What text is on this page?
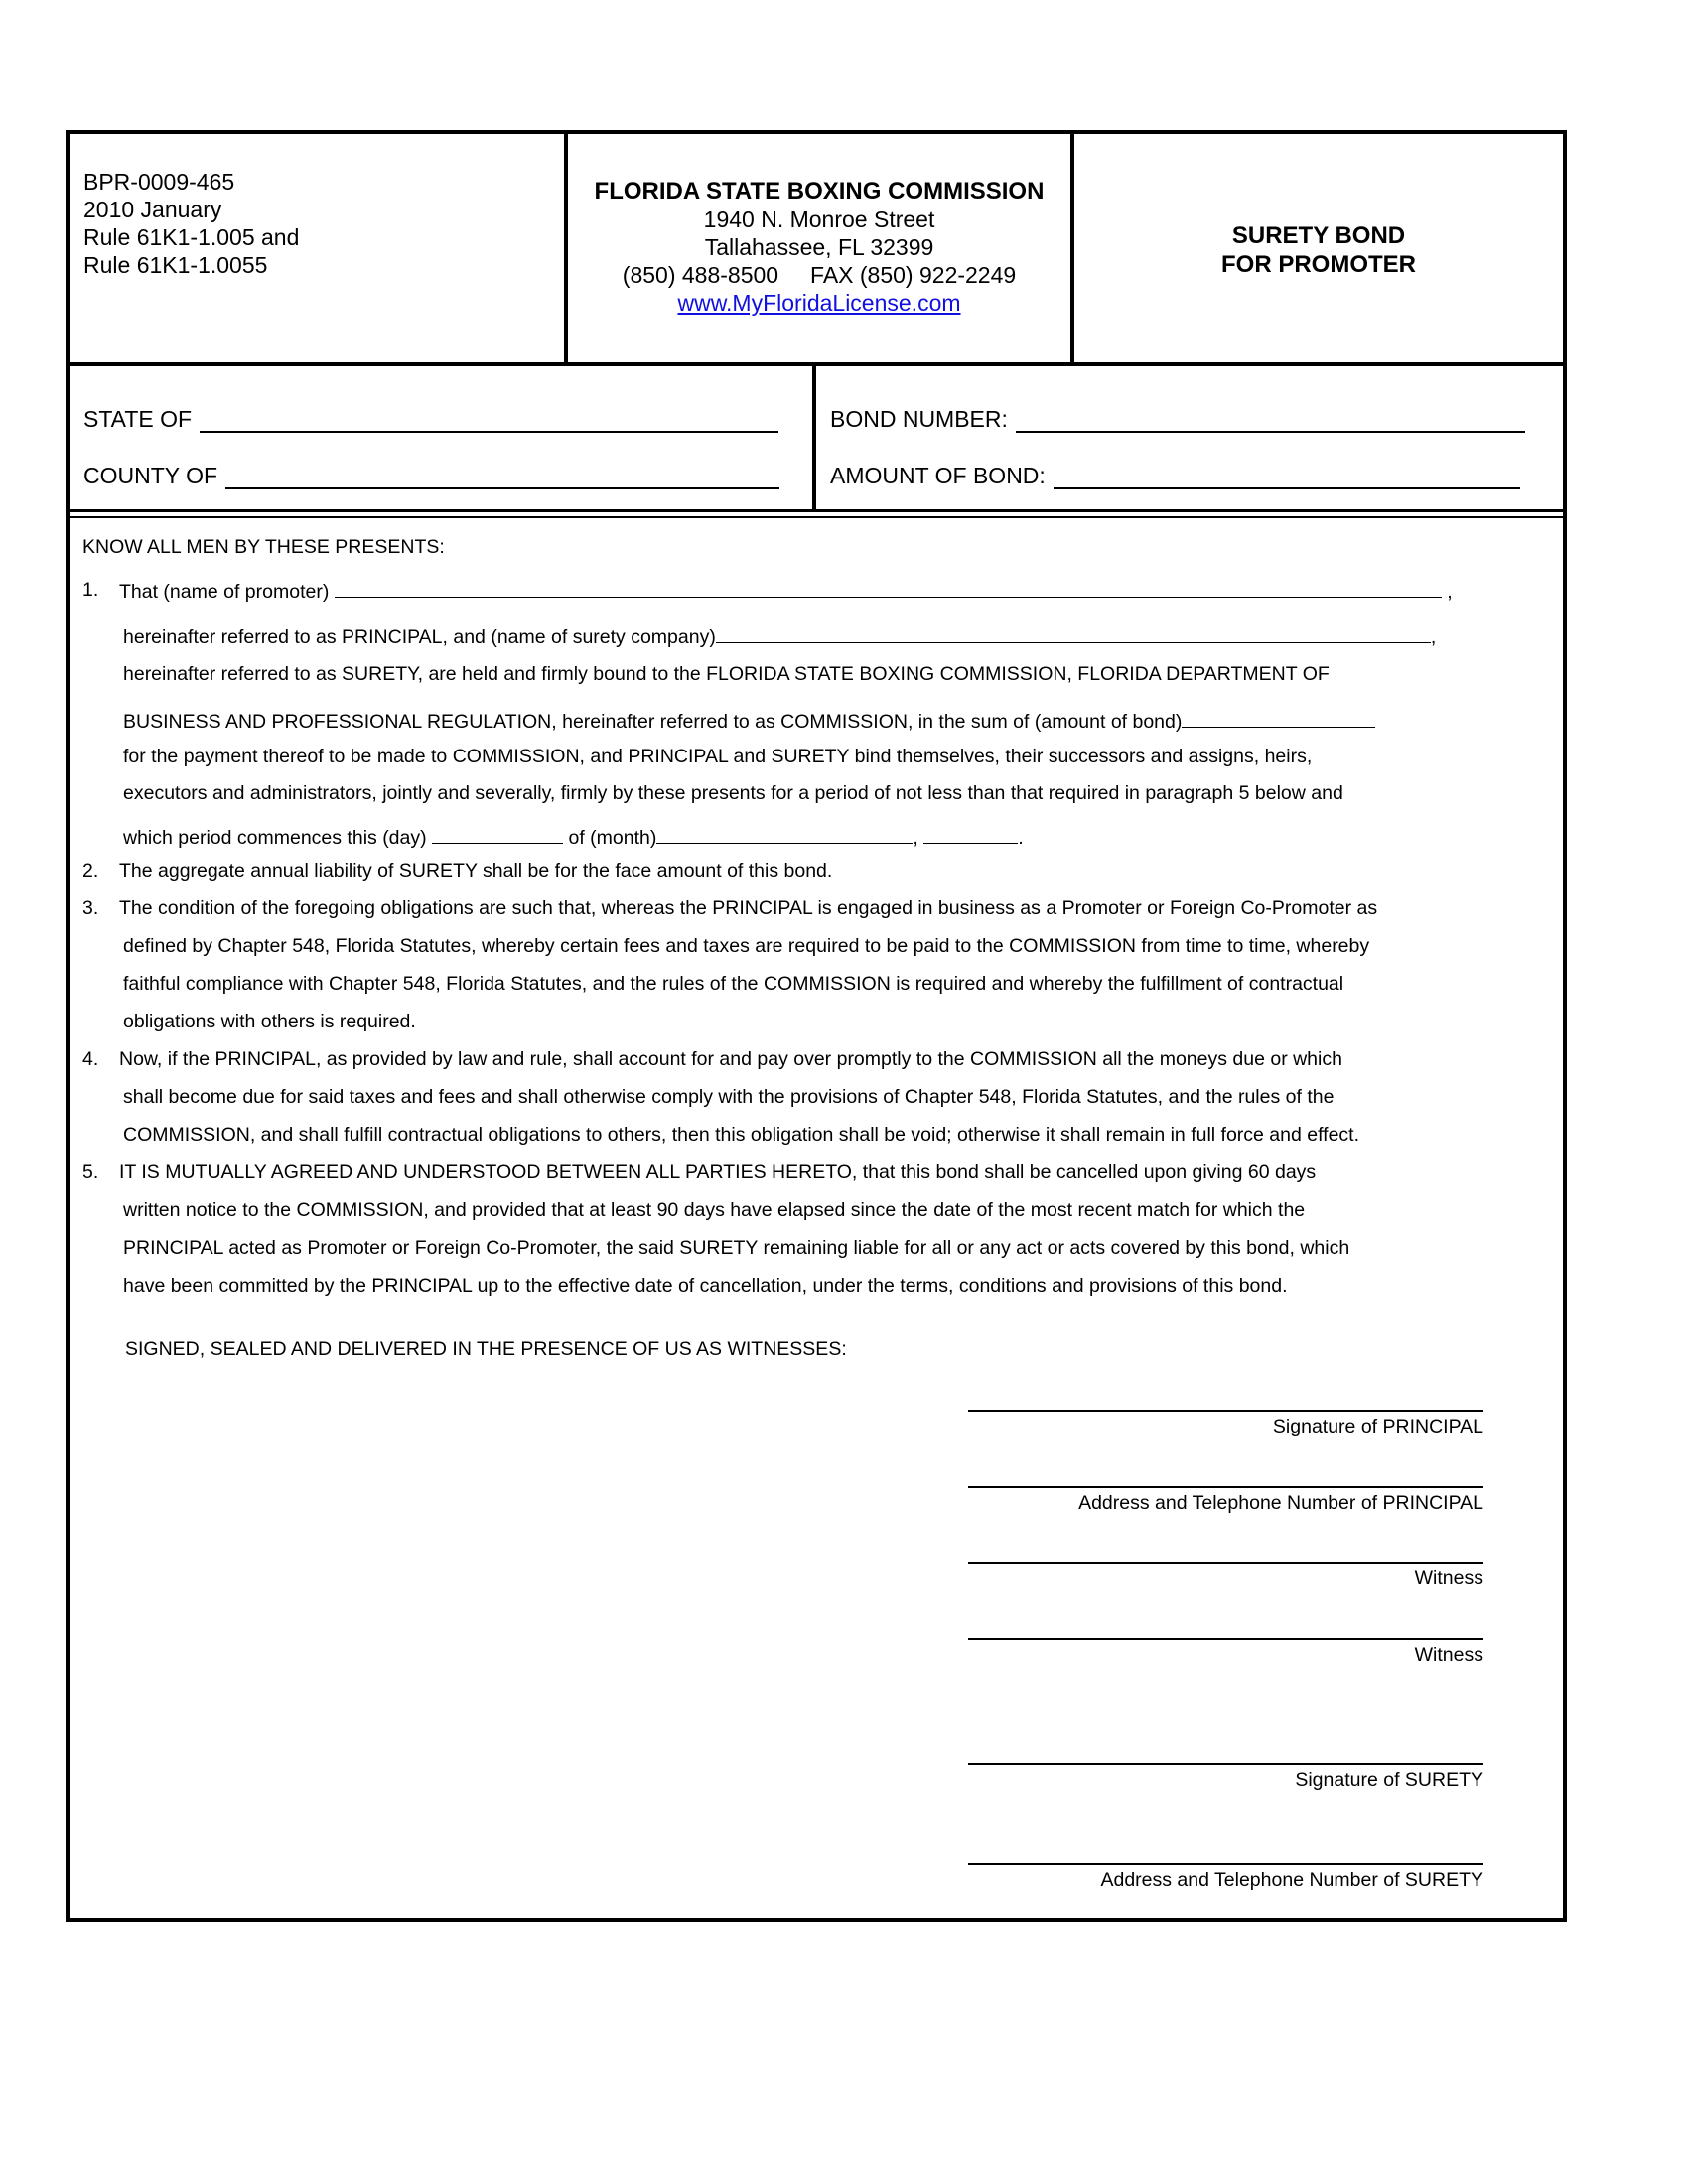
BPR-0009-465
2010 January
Rule 61K1-1.005 and
Rule 61K1-1.0055
FLORIDA STATE BOXING COMMISSION
1940 N. Monroe Street
Tallahassee, FL 32399
(850) 488-8500 FAX (850) 922-2249
www.MyFloridaLicense.com
SURETY BOND
FOR PROMOTER
STATE OF
COUNTY OF
BOND NUMBER:
AMOUNT OF BOND:
KNOW ALL MEN BY THESE PRESENTS:
1. That (name of promoter)	,
hereinafter referred to as PRINCIPAL, and (name of surety company)	,
hereinafter referred to as SURETY, are held and firmly bound to the FLORIDA STATE BOXING COMMISSION, FLORIDA DEPARTMENT OF
BUSINESS AND PROFESSIONAL REGULATION, hereinafter referred to as COMMISSION, in the sum of (amount of bond)
for the payment thereof to be made to COMMISSION, and PRINCIPAL and SURETY bind themselves, their successors and assigns, heirs,
executors and administrators, jointly and severally, firmly by these presents for a period of not less than that required in paragraph 5 below and
which period commences this (day)	of (month)	,	.
2. The aggregate annual liability of SURETY shall be for the face amount of this bond.
3. The condition of the foregoing obligations are such that, whereas the PRINCIPAL is engaged in business as a Promoter or Foreign Co-Promoter as
defined by Chapter 548, Florida Statutes, whereby certain fees and taxes are required to be paid to the COMMISSION from time to time, whereby
faithful compliance with Chapter 548, Florida Statutes, and the rules of the COMMISSION is required and whereby the fulfillment of contractual
obligations with others is required.
4. Now, if the PRINCIPAL, as provided by law and rule, shall account for and pay over promptly to the COMMISSION all the moneys due or which
shall become due for said taxes and fees and shall otherwise comply with the provisions of Chapter 548, Florida Statutes, and the rules of the
COMMISSION, and shall fulfill contractual obligations to others, then this obligation shall be void; otherwise it shall remain in full force and effect.
5. IT IS MUTUALLY AGREED AND UNDERSTOOD BETWEEN ALL PARTIES HERETO, that this bond shall be cancelled upon giving 60 days
written notice to the COMMISSION, and provided that at least 90 days have elapsed since the date of the most recent match for which the
PRINCIPAL acted as Promoter or Foreign Co-Promoter, the said SURETY remaining liable for all or any act or acts covered by this bond, which
have been committed by the PRINCIPAL up to the effective date of cancellation, under the terms, conditions and provisions of this bond.
SIGNED, SEALED AND DELIVERED IN THE PRESENCE OF US AS WITNESSES:
Signature of PRINCIPAL
Address and Telephone Number of PRINCIPAL
Witness
Witness
Signature of SURETY
Address and Telephone Number of SURETY
